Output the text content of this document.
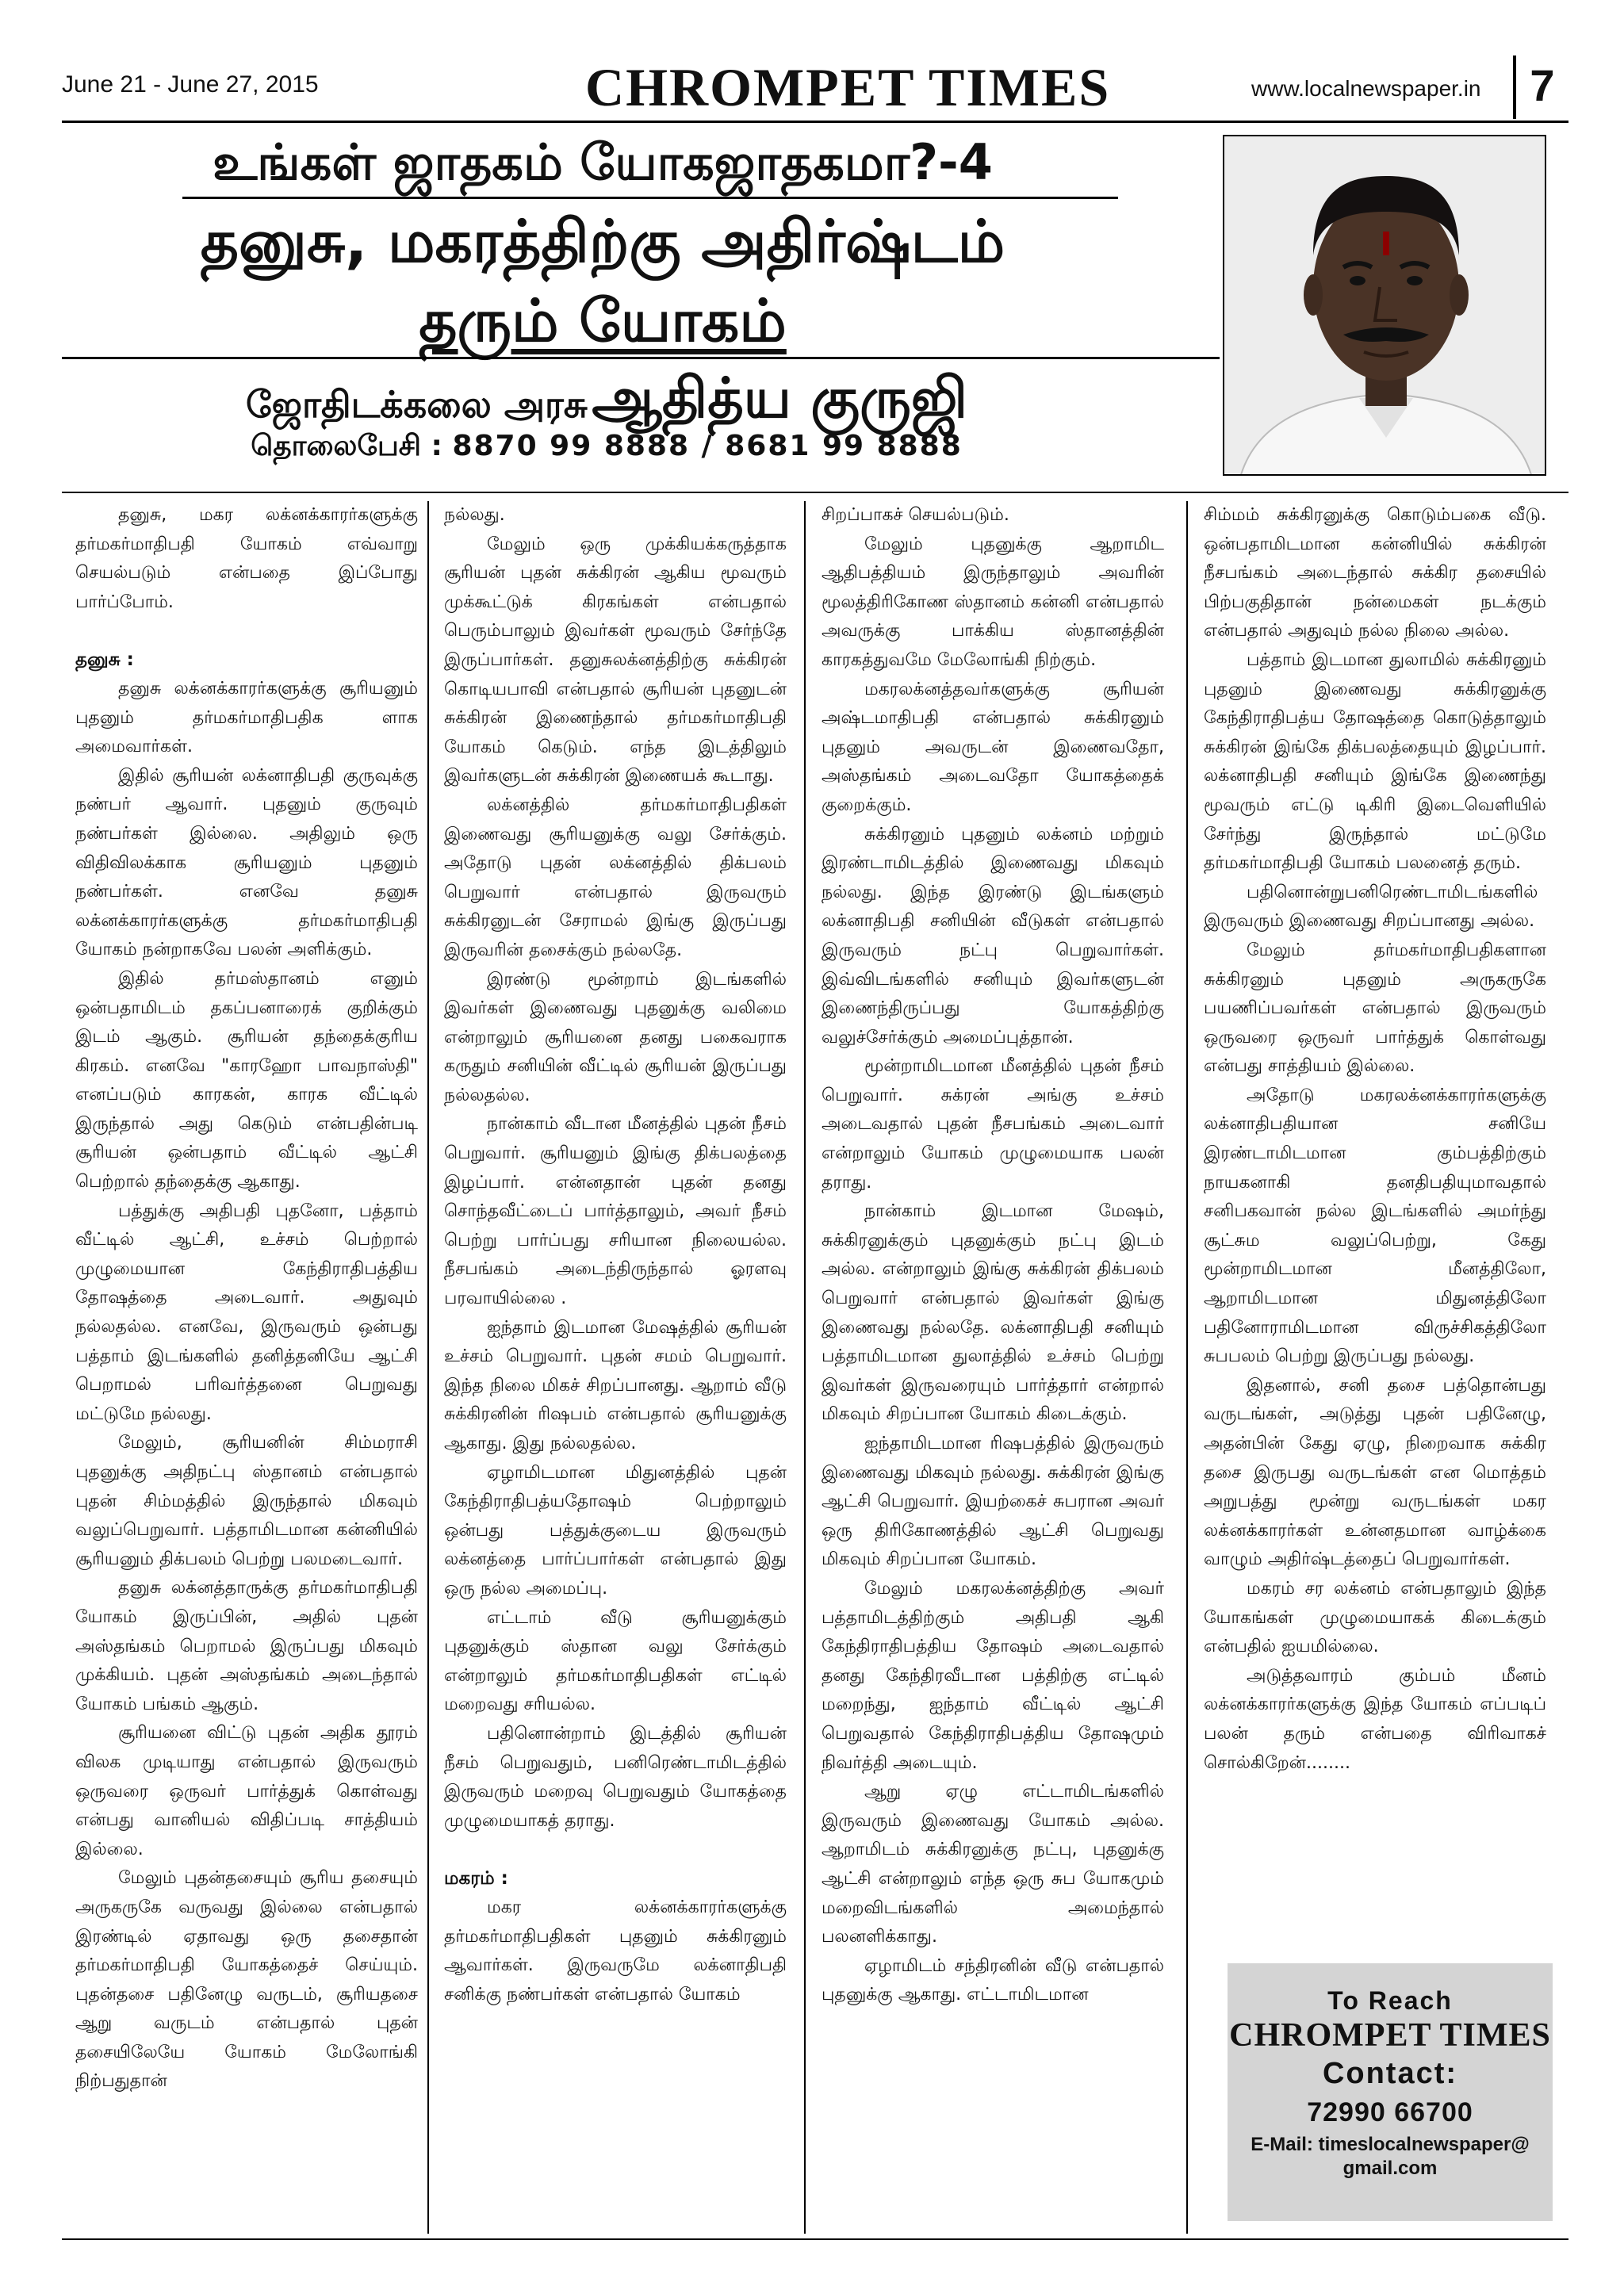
June 21 - June 27, 2015	CHROMPET TIMES	www.localnewspaper.in	7
உங்கள் ஜாதகம் யோகஜாதகமா?-4
தனுசு, மகரத்திற்கு அதிர்ஷ்டம்
தரும் யோகம்
ஜோதிடக்கலை அரசு ஆதித்ய குருஜி
தொலைபேசி : 8870 99 8888 / 8681 99 8888

தனுசு, மகர லக்னக்காரர்களுக்கு தர்மகர்மாதிபதி யோகம் எவ்வாறு செயல்படும் என்பதை இப்போது பார்ப்போம்.

தனுசு :

தனுசு லக்னக்காரர்களுக்கு சூரியனும் புதனும் தர்மகர்மாதிபதிக ளாக அமைவார்கள்.

இதில் சூரியன் லக்னாதிபதி குருவுக்கு நண்பர் ஆவார். புதனும் குருவும் நண்பர்கள் இல்லை. அதிலும் ஒரு விதிவிலக்காக சூரியனும் புதனும் நண்பர்கள். எனவே தனுசு லக்னக்காரர்களுக்கு தர்மகர்மாதிபதி யோகம் நன்றாகவே பலன் அளிக்கும்.

இதில் தர்மஸ்தானம் எனும் ஒன்பதாமிடம் தகப்பனாரைக் குறிக்கும் இடம் ஆகும். சூரியன் தந்தைக்குரிய கிரகம். எனவே "காரஹோ பாவநாஸ்தி" எனப்படும் காரகன், காரக வீட்டில் இருந்தால் அது கெடும் என்பதின்படி சூரியன் ஒன்பதாம் வீட்டில் ஆட்சி பெற்றால் தந்தைக்கு ஆகாது.

பத்துக்கு அதிபதி புதனோ, பத்தாம் வீட்டில் ஆட்சி, உச்சம் பெற்றால் முழுமையான கேந்திராதிபத்திய தோஷத்தை அடைவார். அதுவும் நல்லதல்ல. எனவே, இருவரும் ஒன்பது பத்தாம் இடங்களில் தனித்தனியே ஆட்சி பெறாமல் பரிவர்த்தனை பெறுவது மட்டுமே நல்லது.

மேலும், சூரியனின் சிம்மராசி புதனுக்கு அதிநட்பு ஸ்தானம் என்பதால் புதன் சிம்மத்தில் இருந்தால் மிகவும் வலுப்பெறுவார். பத்தாமிடமான கன்னியில் சூரியனும் திக்பலம் பெற்று பலமடைவார்.

தனுசு லக்னத்தாருக்கு தர்மகர்மாதிபதி யோகம் இருப்பின், அதில் புதன் அஸ்தங்கம் பெறாமல் இருப்பது மிகவும் முக்கியம். புதன் அஸ்தங்கம் அடைந்தால் யோகம் பங்கம் ஆகும்.

சூரியனை விட்டு புதன் அதிக தூரம் விலக முடியாது என்பதால் இருவரும் ஒருவரை ஒருவர் பார்த்துக் கொள்வது என்பது வானியல் விதிப்படி சாத்தியம் இல்லை.

மேலும் புதன்தசையும் சூரிய தசையும் அருகருகே வருவது இல்லை என்பதால் இரண்டில் ஏதாவது ஒரு தசைதான் தர்மகர்மாதிபதி யோகத்தைச் செய்யும். புதன்தசை பதினேழு வருடம், சூரியதசை ஆறு வருடம் என்பதால் புதன் தசையிலேயே யோகம் மேலோங்கி நிற்பதுதான்

நல்லது.

மேலும் ஒரு முக்கியக்கருத்தாக சூரியன் புதன் சுக்கிரன் ஆகிய மூவரும் முக்கூட்டுக் கிரகங்கள் என்பதால் பெரும்பாலும் இவர்கள் மூவரும் சேர்ந்தே இருப்பார்கள். தனுசுலக்னத்திற்கு சுக்கிரன் கொடியபாவி என்பதால் சூரியன் புதனுடன் சுக்கிரன் இணைந்தால் தர்மகர்மாதிபதி யோகம் கெடும். எந்த இடத்திலும் இவர்களுடன் சுக்கிரன் இணையக் கூடாது.

லக்னத்தில் தர்மகர்மாதிபதிகள் இணைவது சூரியனுக்கு வலு சேர்க்கும். அதோடு புதன் லக்னத்தில் திக்பலம் பெறுவார் என்பதால் இருவரும் சுக்கிரனுடன் சேராமல் இங்கு இருப்பது இருவரின் தசைக்கும் நல்லதே.

இரண்டு மூன்றாம் இடங்களில் இவர்கள் இணைவது புதனுக்கு வலிமை என்றாலும் சூரியனை தனது பகைவராக கருதும் சனியின் வீட்டில் சூரியன் இருப்பது நல்லதல்ல.

நான்காம் வீடான மீனத்தில் புதன் நீசம் பெறுவார். சூரியனும் இங்கு திக்பலத்தை இழப்பார். என்னதான் புதன் தனது சொந்தவீட்டைப் பார்த்தாலும், அவர் நீசம் பெற்று பார்ப்பது சரியான நிலையல்ல. நீசபங்கம் அடைந்திருந்தால் ஓரளவு பரவாயில்லை .

ஐந்தாம் இடமான மேஷத்தில் சூரியன் உச்சம் பெறுவார். புதன் சமம் பெறுவார். இந்த நிலை மிகச் சிறப்பானது. ஆறாம் வீடு சுக்கிரனின் ரிஷபம் என்பதால் சூரியனுக்கு ஆகாது. இது நல்லதல்ல.

ஏழாமிடமான மிதுனத்தில் புதன் கேந்திராதிபத்யதோஷம் பெற்றாலும் ஒன்பது பத்துக்குடைய இருவரும் லக்னத்தை பார்ப்பார்கள் என்பதால் இது ஒரு நல்ல அமைப்பு.

எட்டாம் வீடு சூரியனுக்கும் புதனுக்கும் ஸ்தான வலு சேர்க்கும் என்றாலும் தர்மகர்மாதிபதிகள் எட்டில் மறைவது சரியல்ல.

பதினொன்றாம் இடத்தில் சூரியன் நீசம் பெறுவதும், பனிரெண்டாமிடத்தில் இருவரும் மறைவு பெறுவதும் யோகத்தை முழுமையாகத் தராது.

மகரம் :

மகர லக்னக்காரர்களுக்கு தர்மகர்மாதிபதிகள் புதனும் சுக்கிரனும் ஆவார்கள். இருவருமே லக்னாதிபதி சனிக்கு நண்பர்கள் என்பதால் யோகம்

சிறப்பாகச் செயல்படும்.

மேலும் புதனுக்கு ஆறாமிட ஆதிபத்தியம் இருந்தாலும் அவரின் மூலத்திரிகோண ஸ்தானம் கன்னி என்பதால் அவருக்கு பாக்கிய ஸ்தானத்தின் காரகத்துவமே மேலோங்கி நிற்கும்.

மகரலக்னத்தவர்களுக்கு சூரியன் அஷ்டமாதிபதி என்பதால் சுக்கிரனும் புதனும் அவருடன் இணைவதோ, அஸ்தங்கம் அடைவதோ யோகத்தைக் குறைக்கும்.

சுக்கிரனும் புதனும் லக்னம் மற்றும் இரண்டாமிடத்தில் இணைவது மிகவும் நல்லது. இந்த இரண்டு இடங்களும் லக்னாதிபதி சனியின் வீடுகள் என்பதால் இருவரும் நட்பு பெறுவார்கள். இவ்விடங்களில் சனியும் இவர்களுடன் இணைந்திருப்பது யோகத்திற்கு வலுச்சேர்க்கும் அமைப்புத்தான்.

மூன்றாமிடமான மீனத்தில் புதன் நீசம் பெறுவார். சுக்ரன் அங்கு உச்சம் அடைவதால் புதன் நீசபங்கம் அடைவார் என்றாலும் யோகம் முழுமையாக பலன் தராது.

நான்காம் இடமான மேஷம், சுக்கிரனுக்கும் புதனுக்கும் நட்பு இடம் அல்ல. என்றாலும் இங்கு சுக்கிரன் திக்பலம் பெறுவார் என்பதால் இவர்கள் இங்கு இணைவது நல்லதே. லக்னாதிபதி சனியும் பத்தாமிடமான துலாத்தில் உச்சம் பெற்று இவர்கள் இருவரையும் பார்த்தார் என்றால் மிகவும் சிறப்பான யோகம் கிடைக்கும்.

ஐந்தாமிடமான ரிஷபத்தில் இருவரும் இணைவது மிகவும் நல்லது. சுக்கிரன் இங்கு ஆட்சி பெறுவார். இயற்கைச் சுபரான அவர் ஒரு திரிகோணத்தில் ஆட்சி பெறுவது மிகவும் சிறப்பான யோகம்.

மேலும் மகரலக்னத்திற்கு அவர் பத்தாமிடத்திற்கும் அதிபதி ஆகி கேந்திராதிபத்திய தோஷம் அடைவதால் தனது கேந்திரவீடான பத்திற்கு எட்டில் மறைந்து, ஐந்தாம் வீட்டில் ஆட்சி பெறுவதால் கேந்திராதிபத்திய தோஷமும் நிவர்த்தி அடையும்.

ஆறு ஏழு எட்டாமிடங்களில் இருவரும் இணைவது யோகம் அல்ல. ஆறாமிடம் சுக்கிரனுக்கு நட்பு, புதனுக்கு ஆட்சி என்றாலும் எந்த ஒரு சுப யோகமும் மறைவிடங்களில் அமைந்தால் பலனளிக்காது.

ஏழாமிடம் சந்திரனின் வீடு என்பதால் புதனுக்கு ஆகாது. எட்டாமிடமான

சிம்மம் சுக்கிரனுக்கு கொடும்பகை வீடு. ஒன்பதாமிடமான கன்னியில் சுக்கிரன் நீசபங்கம் அடைந்தால் சுக்கிர தசையில் பிற்பகுதிதான் நன்மைகள் நடக்கும் என்பதால் அதுவும் நல்ல நிலை அல்ல.

பத்தாம் இடமான துலாமில் சுக்கிரனும் புதனும் இணைவது சுக்கிரனுக்கு கேந்திராதிபத்ய தோஷத்தை கொடுத்தாலும் சுக்கிரன் இங்கே திக்பலத்தையும் இழப்பார். லக்னாதிபதி சனியும் இங்கே இணைந்து மூவரும் எட்டு டிகிரி இடைவெளியில் சேர்ந்து இருந்தால் மட்டுமே தர்மகர்மாதிபதி யோகம் பலனைத் தரும்.

பதினொன்றுபனிரெண்டாமிடங்களில் இருவரும் இணைவது சிறப்பானது அல்ல.

மேலும் தர்மகர்மாதிபதிகளான சுக்கிரனும் புதனும் அருகருகே பயணிப்பவர்கள் என்பதால் இருவரும் ஒருவரை ஒருவர் பார்த்துக் கொள்வது என்பது சாத்தியம் இல்லை.

அதோடு மகரலக்னக்காரர்களுக்கு லக்னாதிபதியான சனியே இரண்டாமிடமான கும்பத்திற்கும் நாயகனாகி தனதிபதியுமாவதால் சனிபகவான் நல்ல இடங்களில் அமர்ந்து சூட்சும வலுப்பெற்று, கேது மூன்றாமிடமான மீனத்திலோ, ஆறாமிடமான மிதுனத்திலோ பதினோராமிடமான விருச்சிகத்திலோ சுபபலம் பெற்று இருப்பது நல்லது.

இதனால், சனி தசை பத்தொன்பது வருடங்கள், அடுத்து புதன் பதினேழு, அதன்பின் கேது ஏழு, நிறைவாக சுக்கிர தசை இருபது வருடங்கள் என மொத்தம் அறுபத்து மூன்று வருடங்கள் மகர லக்னக்காரர்கள் உன்னதமான வாழ்க்கை வாழும் அதிர்ஷ்டத்தைப் பெறுவார்கள்.

மகரம் சர லக்னம் என்பதாலும் இந்த யோகங்கள் முழுமையாகக் கிடைக்கும் என்பதில் ஐயமில்லை.

அடுத்தவாரம் கும்பம் மீனம் லக்னக்காரர்களுக்கு இந்த யோகம் எப்படிப் பலன் தரும் என்பதை விரிவாகச் சொல்கிறேன்........

To Reach
CHROMPET TIMES
Contact:
72990 66700
E-Mail: timeslocalnewspaper@
gmail.com
